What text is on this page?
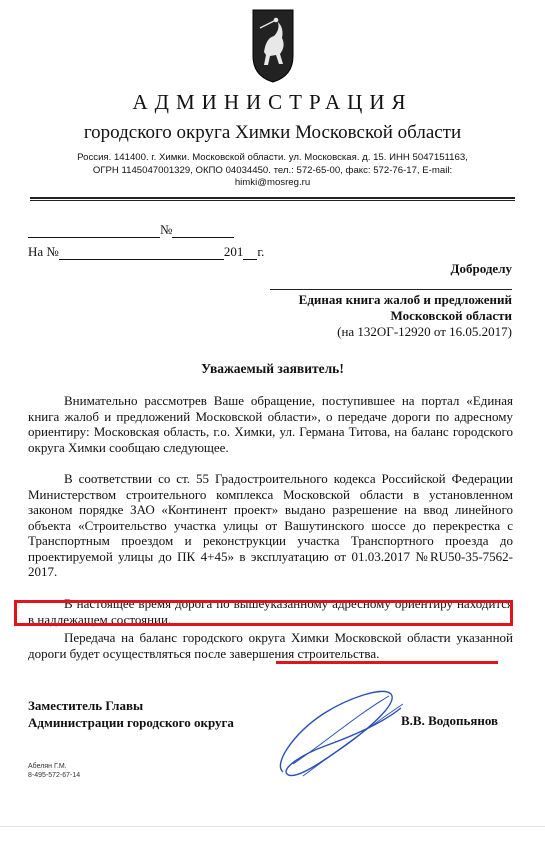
АДМИНИСТРАЦИЯ
городского округа Химки Московской области
Россия. 141400. г. Химки. Московской области. ул. Московская. д. 15. ИНН 5047151163,
ОГРН 1145047001329, ОКПО 04034450. тел.: 572-65-00, факс: 572-76-17, E-mail:
himki@mosreg.ru
№
На №	201 г.
Доброделу
Единая книга жалоб и предложений
Московской области
(на 132ОГ-12920 от 16.05.2017)
Уважаемый заявитель!
Внимательно рассмотрев Ваше обращение, поступившее на портал «Единая книга жалоб и предложений Московской области», о передаче дороги по адресному ориентиру: Московская область, г.о. Химки, ул. Германа Титова, на баланс городского округа Химки сообщаю следующее.
В соответствии со ст. 55 Градостроительного кодекса Российской Федерации Министерством строительного комплекса Московской области в установленном законом порядке ЗАО «Континент проект» выдано разрешение на ввод линейного объекта «Строительство участка улицы от Вашутинского шоссе до перекрестка с Транспортным проездом и реконструкции участка Транспортного проезда до проектируемой улицы до ПК 4+45» в эксплуатацию от 01.03.2017 №RU50-35-7562-2017.
В настоящее время дорога по вышеуказанному адресному ориентиру находится в надлежащем состоянии.
Передача на баланс городского округа Химки Московской области указанной дороги будет осуществляться после завершения строительства.
Заместитель Главы
Администрации городского округа	В.В. Водопьянов
Абелян Г.М.
8-495-572-67-14
